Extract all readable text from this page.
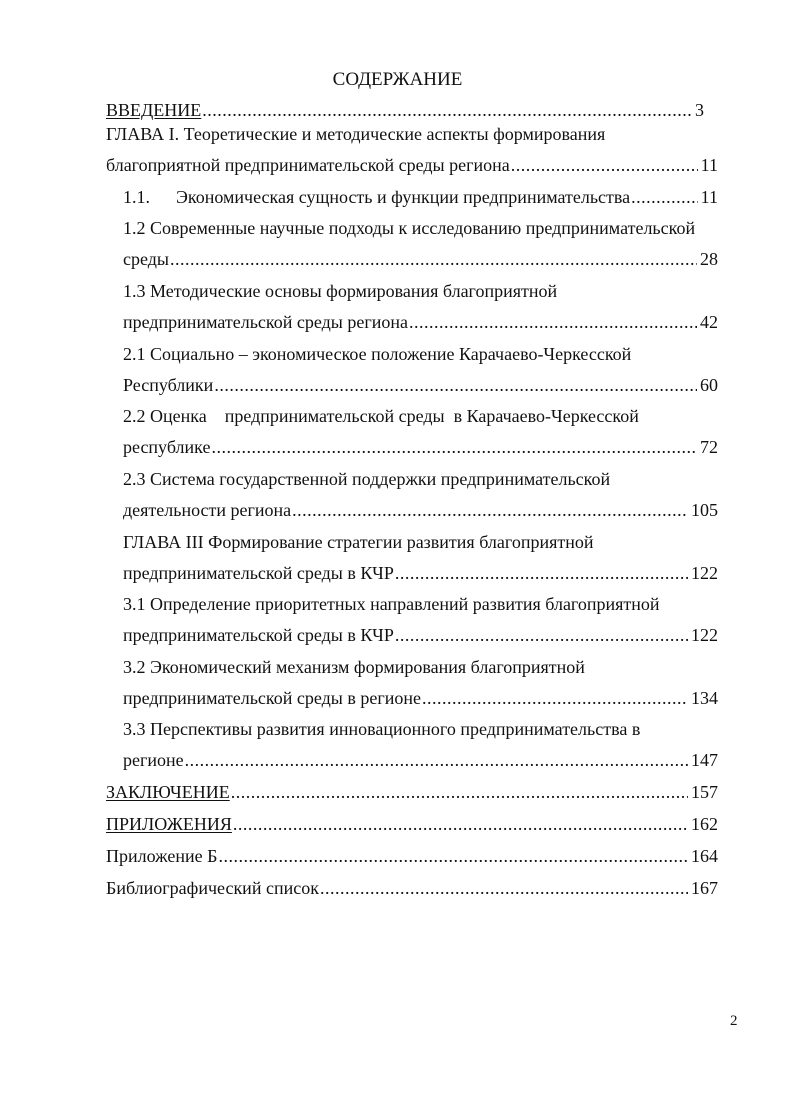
СОДЕРЖАНИЕ
ВВЕДЕНИЕ .....	3
ГЛАВА I. Теоретические и методические аспекты формирования
благоприятной предпринимательской среды региона .....	11
1.1. Экономическая сущность и функции предпринимательства .....	11
1.2 Современные научные подходы к исследованию предпринимательской
среды .....	28
1.3 Методические основы формирования благоприятной
предпринимательской среды региона .....	42
2.1 Социально – экономическое положение Карачаево-Черкесской
Республики .....	60
2.2 Оценка    предпринимательской среды  в Карачаево-Черкесской
республике .....	72
2.3 Система государственной поддержки предпринимательской
деятельности региона .....	105
ГЛАВА III Формирование стратегии развития благоприятной
предпринимательской среды в КЧР .....	122
3.1 Определение приоритетных направлений развития благоприятной
предпринимательской среды в КЧР .....	122
3.2 Экономический механизм формирования благоприятной
предпринимательской среды в регионе .....	134
3.3 Перспективы развития инновационного предпринимательства в
регионе .....	147
ЗАКЛЮЧЕНИЕ .....	157
ПРИЛОЖЕНИЯ .....	162
Приложение Б .....	164
Библиографический список .....	167
2
